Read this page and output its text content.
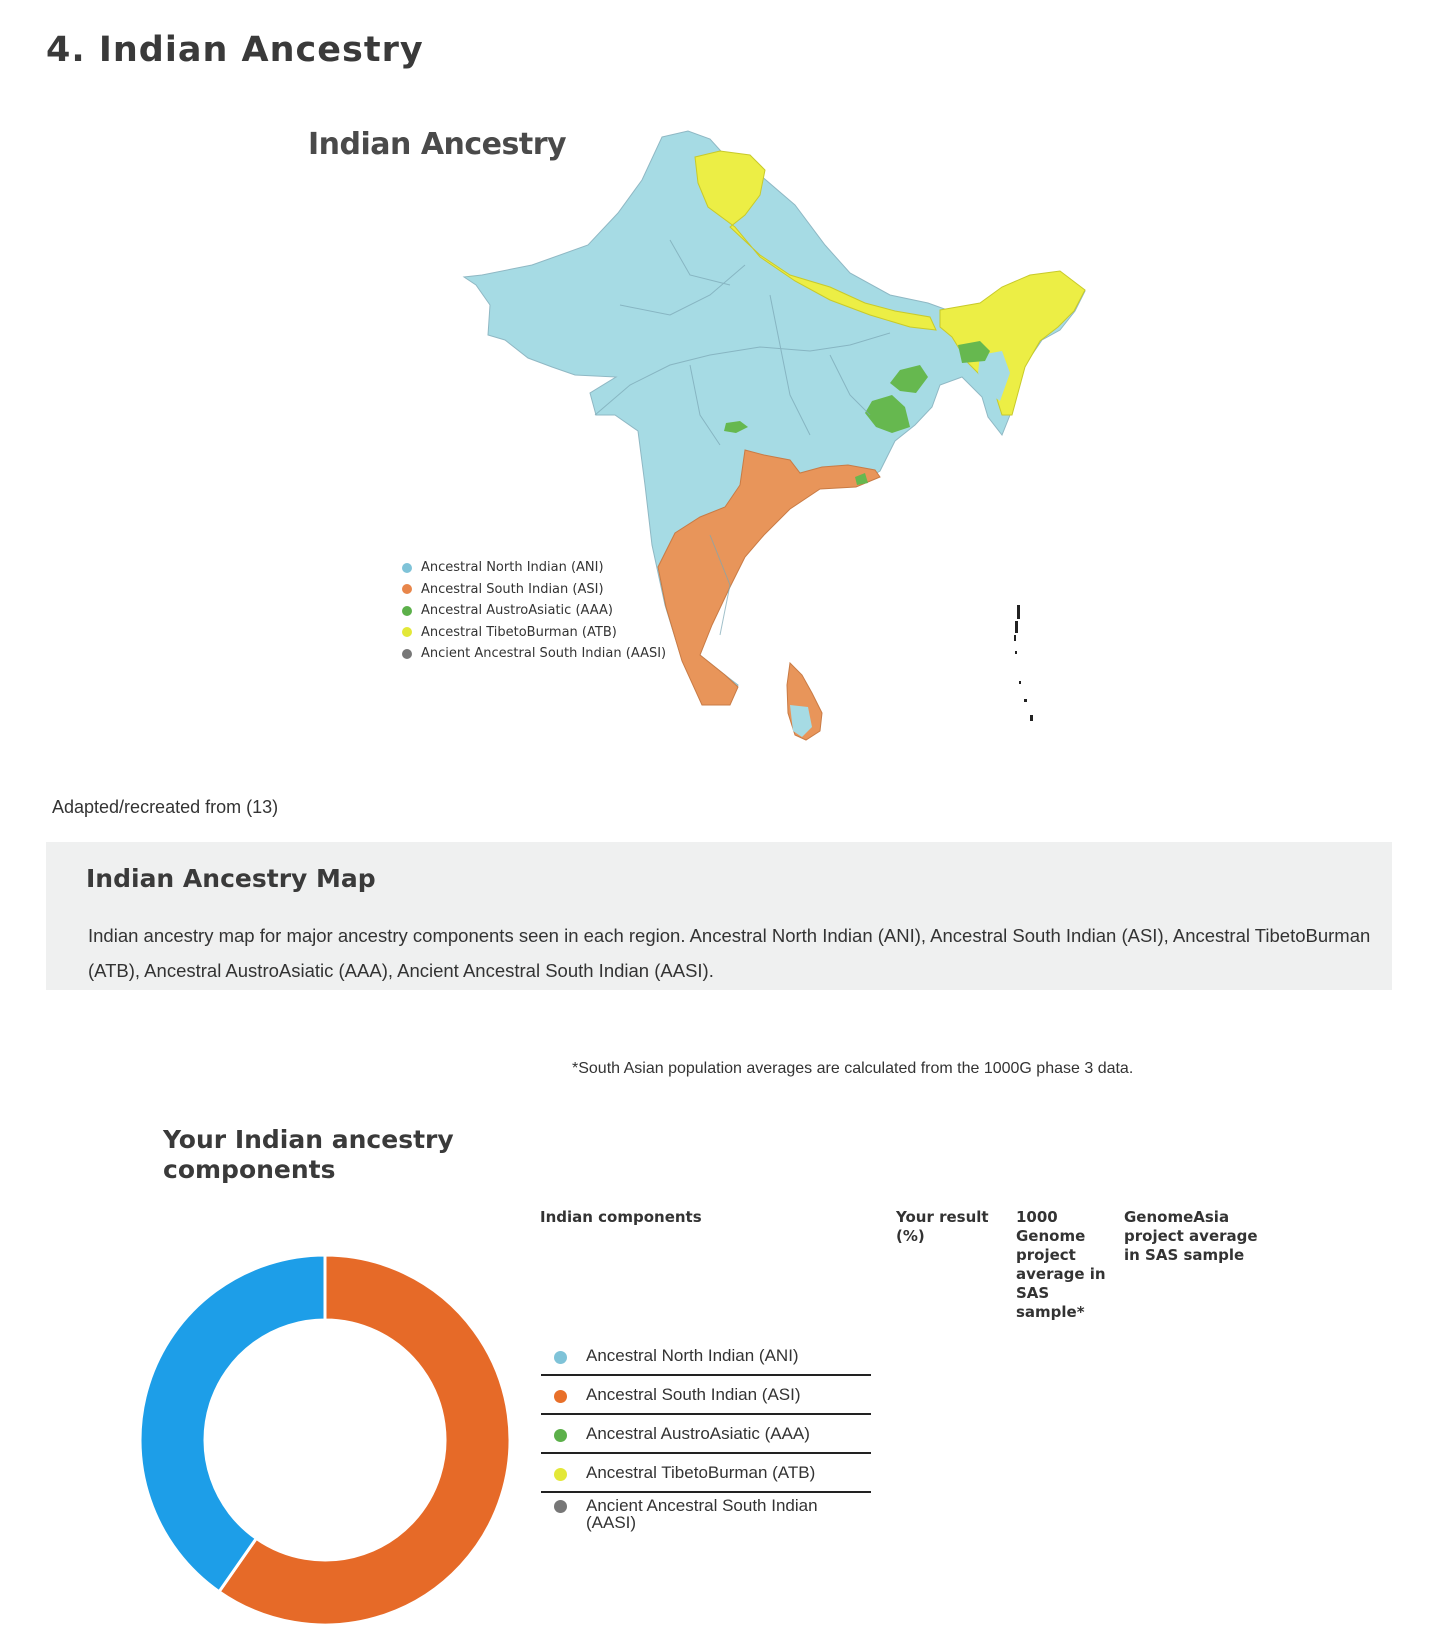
4. Indian Ancestry
Indian Ancestry
Ancestral North Indian (ANI)
Ancestral South Indian (ASI)
Ancestral AustroAsiatic (AAA)
Ancestral TibetoBurman (ATB)
Ancient Ancestral South Indian (AASI)
Adapted/recreated from (13)
Indian Ancestry Map

Indian ancestry map for major ancestry components seen in each region. Ancestral North Indian (ANI), Ancestral South Indian (ASI), Ancestral TibetoBurman (ATB), Ancestral AustroAsiatic (AAA), Ancient Ancestral South Indian (AASI).

*South Asian population averages are calculated from the 1000G phase 3 data.
Your Indian ancestry components
Indian components	Your result (%)
1000 Genome project average in SAS sample*
GenomeAsia project average in SAS sample
Ancestral North Indian (ANI)
Ancestral South Indian (ASI)
Ancestral AustroAsiatic (AAA)
Ancestral TibetoBurman (ATB)
Ancient Ancestral South Indian (AASI)
